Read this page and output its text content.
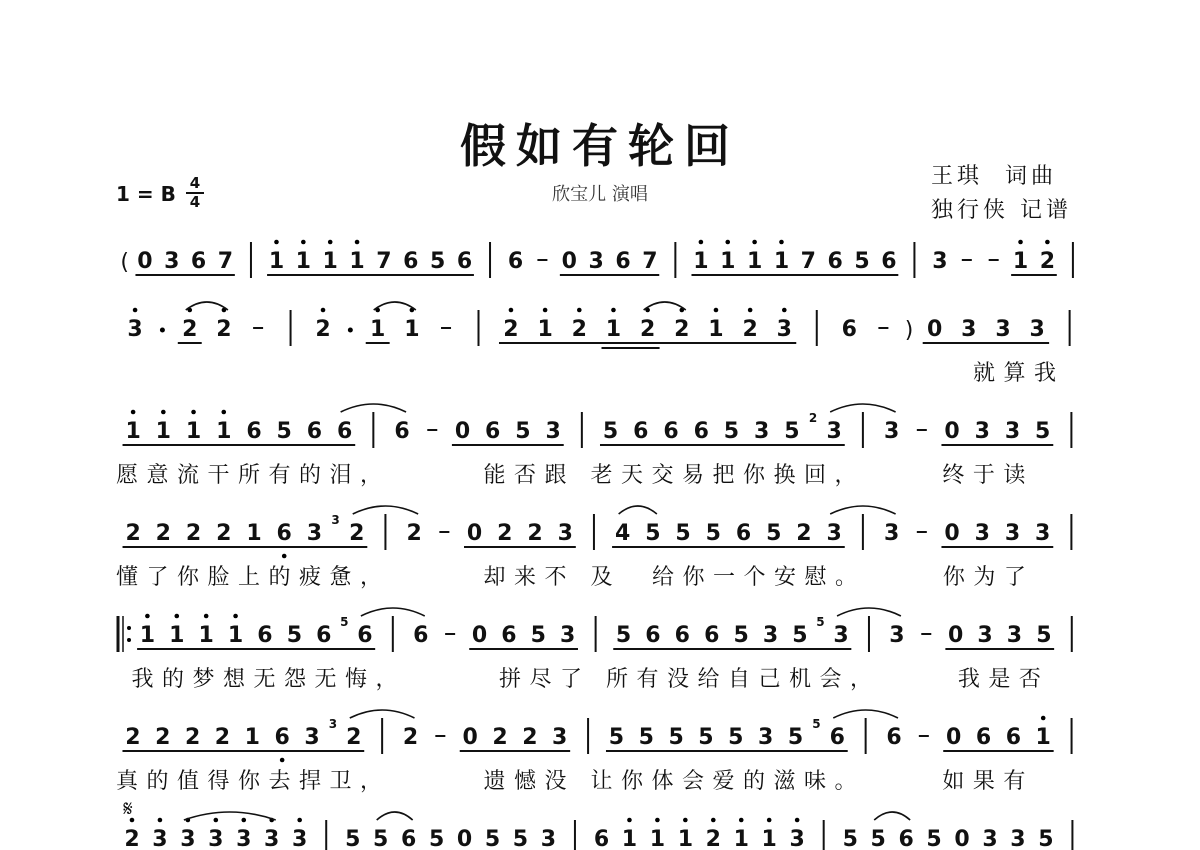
假如有轮回
欣宝儿 演唱
王琪  词曲
独行侠 记谱
1 = B 4
4
( 0 3 6 7 1 1 1 1 7 6 5 6 6 0 3 6 7 1 1 1 1 7 6 5 6 3	1 2
3 2 2	2 1 1	2 1 2 1 2 2 1 2 3 6 ) 0 3 3 3
1 1 1 1 6 5 6 6 6 0 6 5 3 5 6 6 6 5 3 5
2
3 3 0 3 3 5
2 2 2 2 1 6 3
3
2 2 0 2 2 3 4 5 5 5 6 5 2 3 3 0 3 3 3
1 1 1 1 6 5 6
5
6 6 0 6 5 3 5 6 6 6 5 3 5
5
3 3 0 3 3 5
2 2 2 2 1 6 3
3
2 2 0 2 2 3 5 5 5 5 5 3 5
5
6 6 0 6 6 1
2 3 3 3 3 3 3 5 5 6 5 0 5 5 3 6 1 1 1 2 1 1 3 5 5 6 5 0 3 3 5
𝄋
就算我
愿意流干所有的泪，      能否跟 老天交易把你换回，     终于读
懂了你脸上的疲惫，      却来不 及  给你一个安慰。     你为了
我的梦想无怨无悔，      拼尽了 所有没给自己机会，     我是否
真的值得你去捍卫，      遗憾没 让你体会爱的滋味。     如果有
